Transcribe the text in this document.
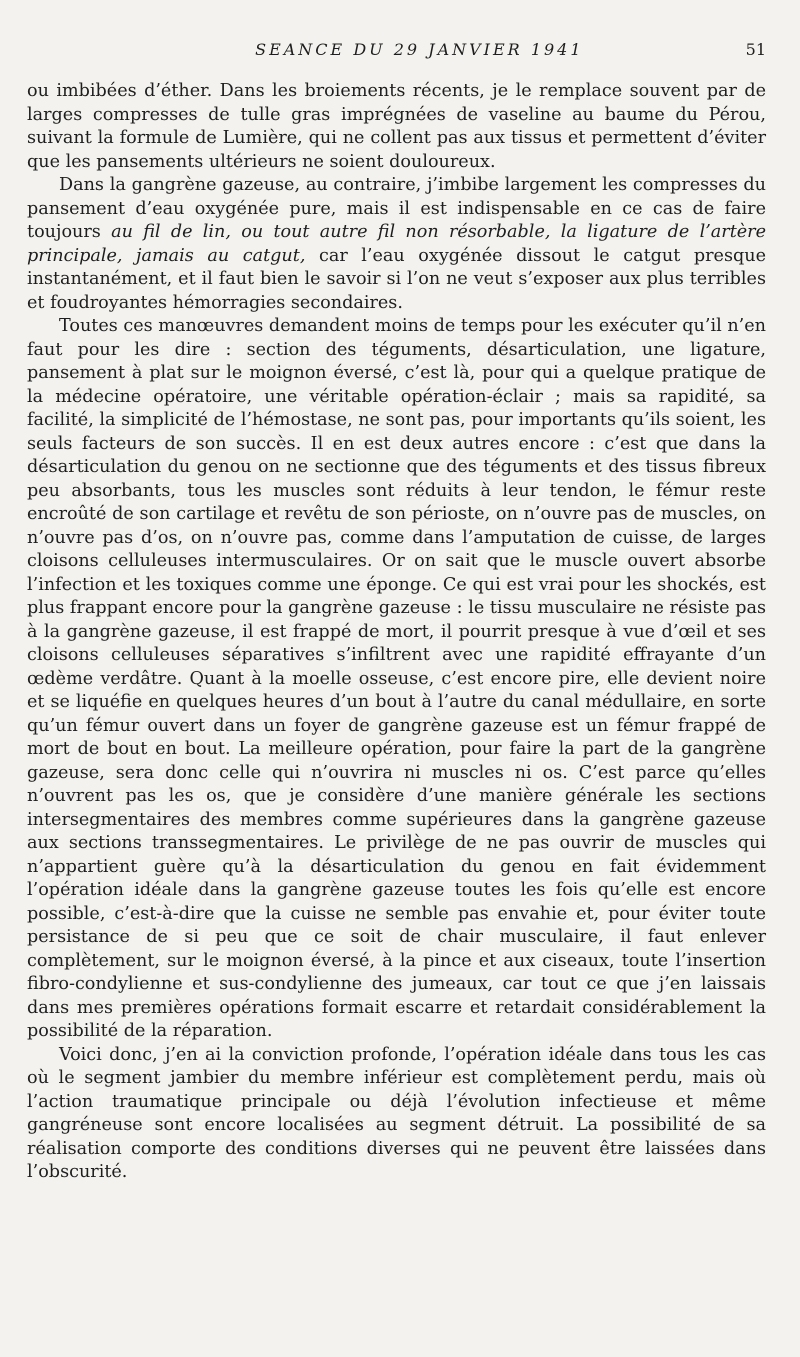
SEANCE DU 29 JANVIER 1941	51

ou imbibées d’éther. Dans les broiements récents, je le remplace souvent par de larges compresses de tulle gras imprégnées de vaseline au baume du Pérou, suivant la formule de Lumière, qui ne collent pas aux tissus et permettent d’éviter que les pansements ultérieurs ne soient douloureux.

Dans la gangrène gazeuse, au contraire, j’imbibe largement les compresses du pansement d’eau oxygénée pure, mais il est indispensable en ce cas de faire toujours au fil de lin, ou tout autre fil non résorbable, la ligature de l’artère principale, jamais au catgut, car l’eau oxygénée dissout le catgut presque instantanément, et il faut bien le savoir si l’on ne veut s’exposer aux plus terribles et foudroyantes hémorragies secondaires.

Toutes ces manœuvres demandent moins de temps pour les exécuter qu’il n’en faut pour les dire : section des téguments, désarticulation, une ligature, pansement à plat sur le moignon éversé, c’est là, pour qui a quelque pratique de la médecine opératoire, une véritable opération-éclair ; mais sa rapidité, sa facilité, la simplicité de l’hémostase, ne sont pas, pour importants qu’ils soient, les seuls facteurs de son succès. Il en est deux autres encore : c’est que dans la désarticulation du genou on ne sectionne que des téguments et des tissus fibreux peu absorbants, tous les muscles sont réduits à leur tendon, le fémur reste encroûté de son cartilage et revêtu de son périoste, on n’ouvre pas de muscles, on n’ouvre pas d’os, on n’ouvre pas, comme dans l’amputation de cuisse, de larges cloisons celluleuses intermusculaires. Or on sait que le muscle ouvert absorbe l’infection et les toxiques comme une éponge. Ce qui est vrai pour les shockés, est plus frappant encore pour la gangrène gazeuse : le tissu musculaire ne résiste pas à la gangrène gazeuse, il est frappé de mort, il pourrit presque à vue d’œil et ses cloisons celluleuses séparatives s’infiltrent avec une rapidité effrayante d’un œdème verdâtre. Quant à la moelle osseuse, c’est encore pire, elle devient noire et se liquéfie en quelques heures d’un bout à l’autre du canal médullaire, en sorte qu’un fémur ouvert dans un foyer de gangrène gazeuse est un fémur frappé de mort de bout en bout. La meilleure opération, pour faire la part de la gangrène gazeuse, sera donc celle qui n’ouvrira ni muscles ni os. C’est parce qu’elles n’ouvrent pas les os, que je considère d’une manière générale les sections intersegmentaires des membres comme supérieures dans la gangrène gazeuse aux sections transsegmentaires. Le privilège de ne pas ouvrir de muscles qui n’appartient guère qu’à la désarticulation du genou en fait évidemment l’opération idéale dans la gangrène gazeuse toutes les fois qu’elle est encore possible, c’est-à-dire que la cuisse ne semble pas envahie et, pour éviter toute persistance de si peu que ce soit de chair musculaire, il faut enlever complètement, sur le moignon éversé, à la pince et aux ciseaux, toute l’insertion fibro-condylienne et sus-condylienne des jumeaux, car tout ce que j’en laissais dans mes premières opérations formait escarre et retardait considérablement la possibilité de la réparation.

Voici donc, j’en ai la conviction profonde, l’opération idéale dans tous les cas où le segment jambier du membre inférieur est complètement perdu, mais où l’action traumatique principale ou déjà l’évolution infectieuse et même gangréneuse sont encore localisées au segment détruit. La possibilité de sa réalisation comporte des conditions diverses qui ne peuvent être laissées dans l’obscurité.
